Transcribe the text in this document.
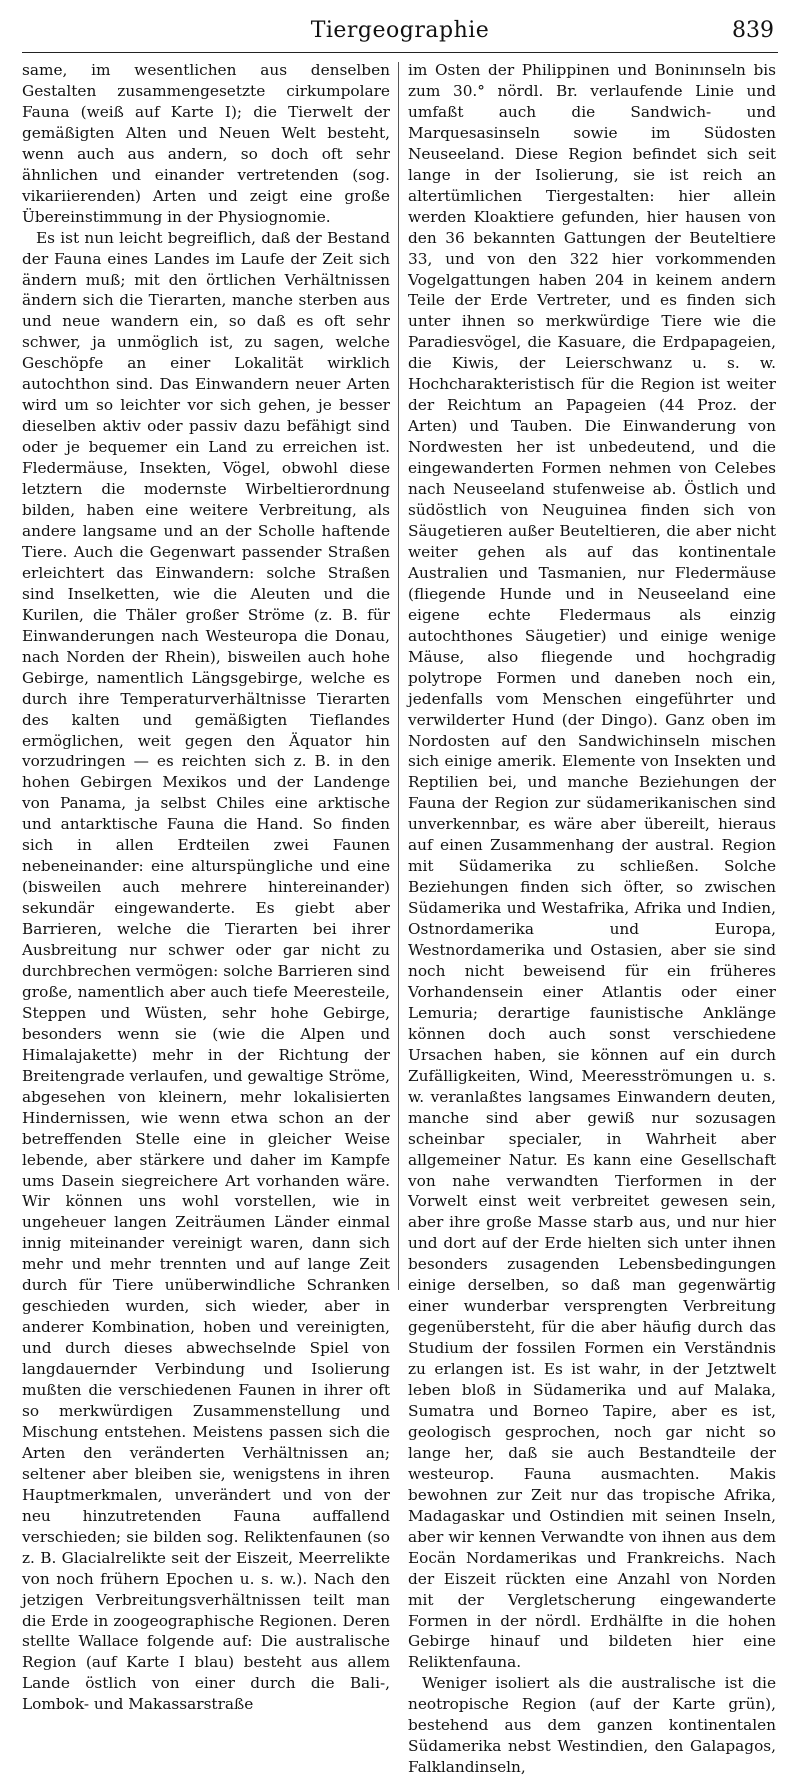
Tiergeographie	839

same, im wesentlichen aus denselben Gestalten zusammengesetzte cirkumpolare Fauna (weiß auf Karte I); die Tierwelt der gemäßigten Alten und Neuen Welt besteht, wenn auch aus andern, so doch oft sehr ähnlichen und einander vertretenden (sog. vikariierenden) Arten und zeigt eine große Übereinstimmung in der Physiognomie.

Es ist nun leicht begreiflich, daß der Bestand der Fauna eines Landes im Laufe der Zeit sich ändern muß; mit den örtlichen Verhältnissen ändern sich die Tierarten, manche sterben aus und neue wandern ein, so daß es oft sehr schwer, ja unmöglich ist, zu sagen, welche Geschöpfe an einer Lokalität wirklich autochthon sind. Das Einwandern neuer Arten wird um so leichter vor sich gehen, je besser dieselben aktiv oder passiv dazu befähigt sind oder je bequemer ein Land zu erreichen ist. Fledermäuse, Insekten, Vögel, obwohl diese letztern die modernste Wirbeltierordnung bilden, haben eine weitere Verbreitung, als andere langsame und an der Scholle haftende Tiere. Auch die Gegenwart passender Straßen erleichtert das Einwandern: solche Straßen sind Inselketten, wie die Aleuten und die Kurilen, die Thäler großer Ströme (z. B. für Einwanderungen nach Westeuropa die Donau, nach Norden der Rhein), bisweilen auch hohe Gebirge, namentlich Längsgebirge, welche es durch ihre Temperaturverhältnisse Tierarten des kalten und gemäßigten Tieflandes ermöglichen, weit gegen den Äquator hin vorzudringen — es reichten sich z. B. in den hohen Gebirgen Mexikos und der Landenge von Panama, ja selbst Chiles eine arktische und antarktische Fauna die Hand. So finden sich in allen Erdteilen zwei Faunen nebeneinander: eine alturspüngliche und eine (bisweilen auch mehrere hintereinander) sekundär eingewanderte. Es giebt aber Barrieren, welche die Tierarten bei ihrer Ausbreitung nur schwer oder gar nicht zu durchbrechen vermögen: solche Barrieren sind große, namentlich aber auch tiefe Meeresteile, Steppen und Wüsten, sehr hohe Gebirge, besonders wenn sie (wie die Alpen und Himalajakette) mehr in der Richtung der Breitengrade verlaufen, und gewaltige Ströme, abgesehen von kleinern, mehr lokalisierten Hindernissen, wie wenn etwa schon an der betreffenden Stelle eine in gleicher Weise lebende, aber stärkere und daher im Kampfe ums Dasein siegreichere Art vorhanden wäre. Wir können uns wohl vorstellen, wie in ungeheuer langen Zeiträumen Länder einmal innig miteinander vereinigt waren, dann sich mehr und mehr trennten und auf lange Zeit durch für Tiere unüberwindliche Schranken geschieden wurden, sich wieder, aber in anderer Kombination, hoben und vereinigten, und durch dieses abwechselnde Spiel von langdauernder Verbindung und Isolierung mußten die verschiedenen Faunen in ihrer oft so merkwürdigen Zusammenstellung und Mischung entstehen. Meistens passen sich die Arten den veränderten Verhältnissen an; seltener aber bleiben sie, wenigstens in ihren Hauptmerkmalen, unverändert und von der neu hinzutretenden Fauna auffallend verschieden; sie bilden sog. Reliktenfaunen (so z. B. Glacialrelikte seit der Eiszeit, Meerrelikte von noch frühern Epochen u. s. w.). Nach den jetzigen Verbreitungsverhältnissen teilt man die Erde in zoogeographische Regionen. Deren stellte Wallace folgende auf: Die australische Region (auf Karte I blau) besteht aus allem Lande östlich von einer durch die Bali-, Lombok- und Makassarstraße

im Osten der Philippinen und Boninınseln bis zum 30.° nördl. Br. verlaufende Linie und umfaßt auch die Sandwich- und Marquesasinseln sowie im Südosten Neuseeland. Diese Region befindet sich seit lange in der Isolierung, sie ist reich an altertümlichen Tiergestalten: hier allein werden Kloaktiere gefunden, hier hausen von den 36 bekannten Gattungen der Beuteltiere 33, und von den 322 hier vorkommenden Vogelgattungen haben 204 in keinem andern Teile der Erde Vertreter, und es finden sich unter ihnen so merkwürdige Tiere wie die Paradiesvögel, die Kasuare, die Erdpapageien, die Kiwis, der Leierschwanz u. s. w. Hochcharakteristisch für die Region ist weiter der Reichtum an Papageien (44 Proz. der Arten) und Tauben. Die Einwanderung von Nordwesten her ist unbedeutend, und die eingewanderten Formen nehmen von Celebes nach Neuseeland stufenweise ab. Östlich und südöstlich von Neuguinea finden sich von Säugetieren außer Beuteltieren, die aber nicht weiter gehen als auf das kontinentale Australien und Tasmanien, nur Fledermäuse (fliegende Hunde und in Neuseeland eine eigene echte Fledermaus als einzig autochthones Säugetier) und einige wenige Mäuse, also fliegende und hochgradig polytrope Formen und daneben noch ein, jedenfalls vom Menschen eingeführter und verwilderter Hund (der Dingo). Ganz oben im Nordosten auf den Sandwichinseln mischen sich einige amerik. Elemente von Insekten und Reptilien bei, und manche Beziehungen der Fauna der Region zur südamerikanischen sind unverkennbar, es wäre aber übereilt, hieraus auf einen Zusammenhang der austral. Region mit Südamerika zu schließen. Solche Beziehungen finden sich öfter, so zwischen Südamerika und Westafrika, Afrika und Indien, Ostnordamerika und Europa, Westnordamerika und Ostasien, aber sie sind noch nicht beweisend für ein früheres Vorhandensein einer Atlantis oder einer Lemuria; derartige faunistische Anklänge können doch auch sonst verschiedene Ursachen haben, sie können auf ein durch Zufälligkeiten, Wind, Meeresströmungen u. s. w. veranlaßtes langsames Einwandern deuten, manche sind aber gewiß nur sozusagen scheinbar specialer, in Wahrheit aber allgemeiner Natur. Es kann eine Gesellschaft von nahe verwandten Tierformen in der Vorwelt einst weit verbreitet gewesen sein, aber ihre große Masse starb aus, und nur hier und dort auf der Erde hielten sich unter ihnen besonders zusagenden Lebensbedingungen einige derselben, so daß man gegenwärtig einer wunderbar versprengten Verbreitung gegenübersteht, für die aber häufig durch das Studium der fossilen Formen ein Verständnis zu erlangen ist. Es ist wahr, in der Jetztwelt leben bloß in Südamerika und auf Malaka, Sumatra und Borneo Tapire, aber es ist, geologisch gesprochen, noch gar nicht so lange her, daß sie auch Bestandteile der westeurop. Fauna ausmachten. Makis bewohnen zur Zeit nur das tropische Afrika, Madagaskar und Ostindien mit seinen Inseln, aber wir kennen Verwandte von ihnen aus dem Eocän Nordamerikas und Frankreichs. Nach der Eiszeit rückten eine Anzahl von Norden mit der Vergletscherung eingewanderte Formen in der nördl. Erdhälfte in die hohen Gebirge hinauf und bildeten hier eine Reliktenfauna.

Weniger isoliert als die australische ist die neotropische Region (auf der Karte grün), bestehend aus dem ganzen kontinentalen Südamerika nebst Westindien, den Galapagos, Falklandinseln,
